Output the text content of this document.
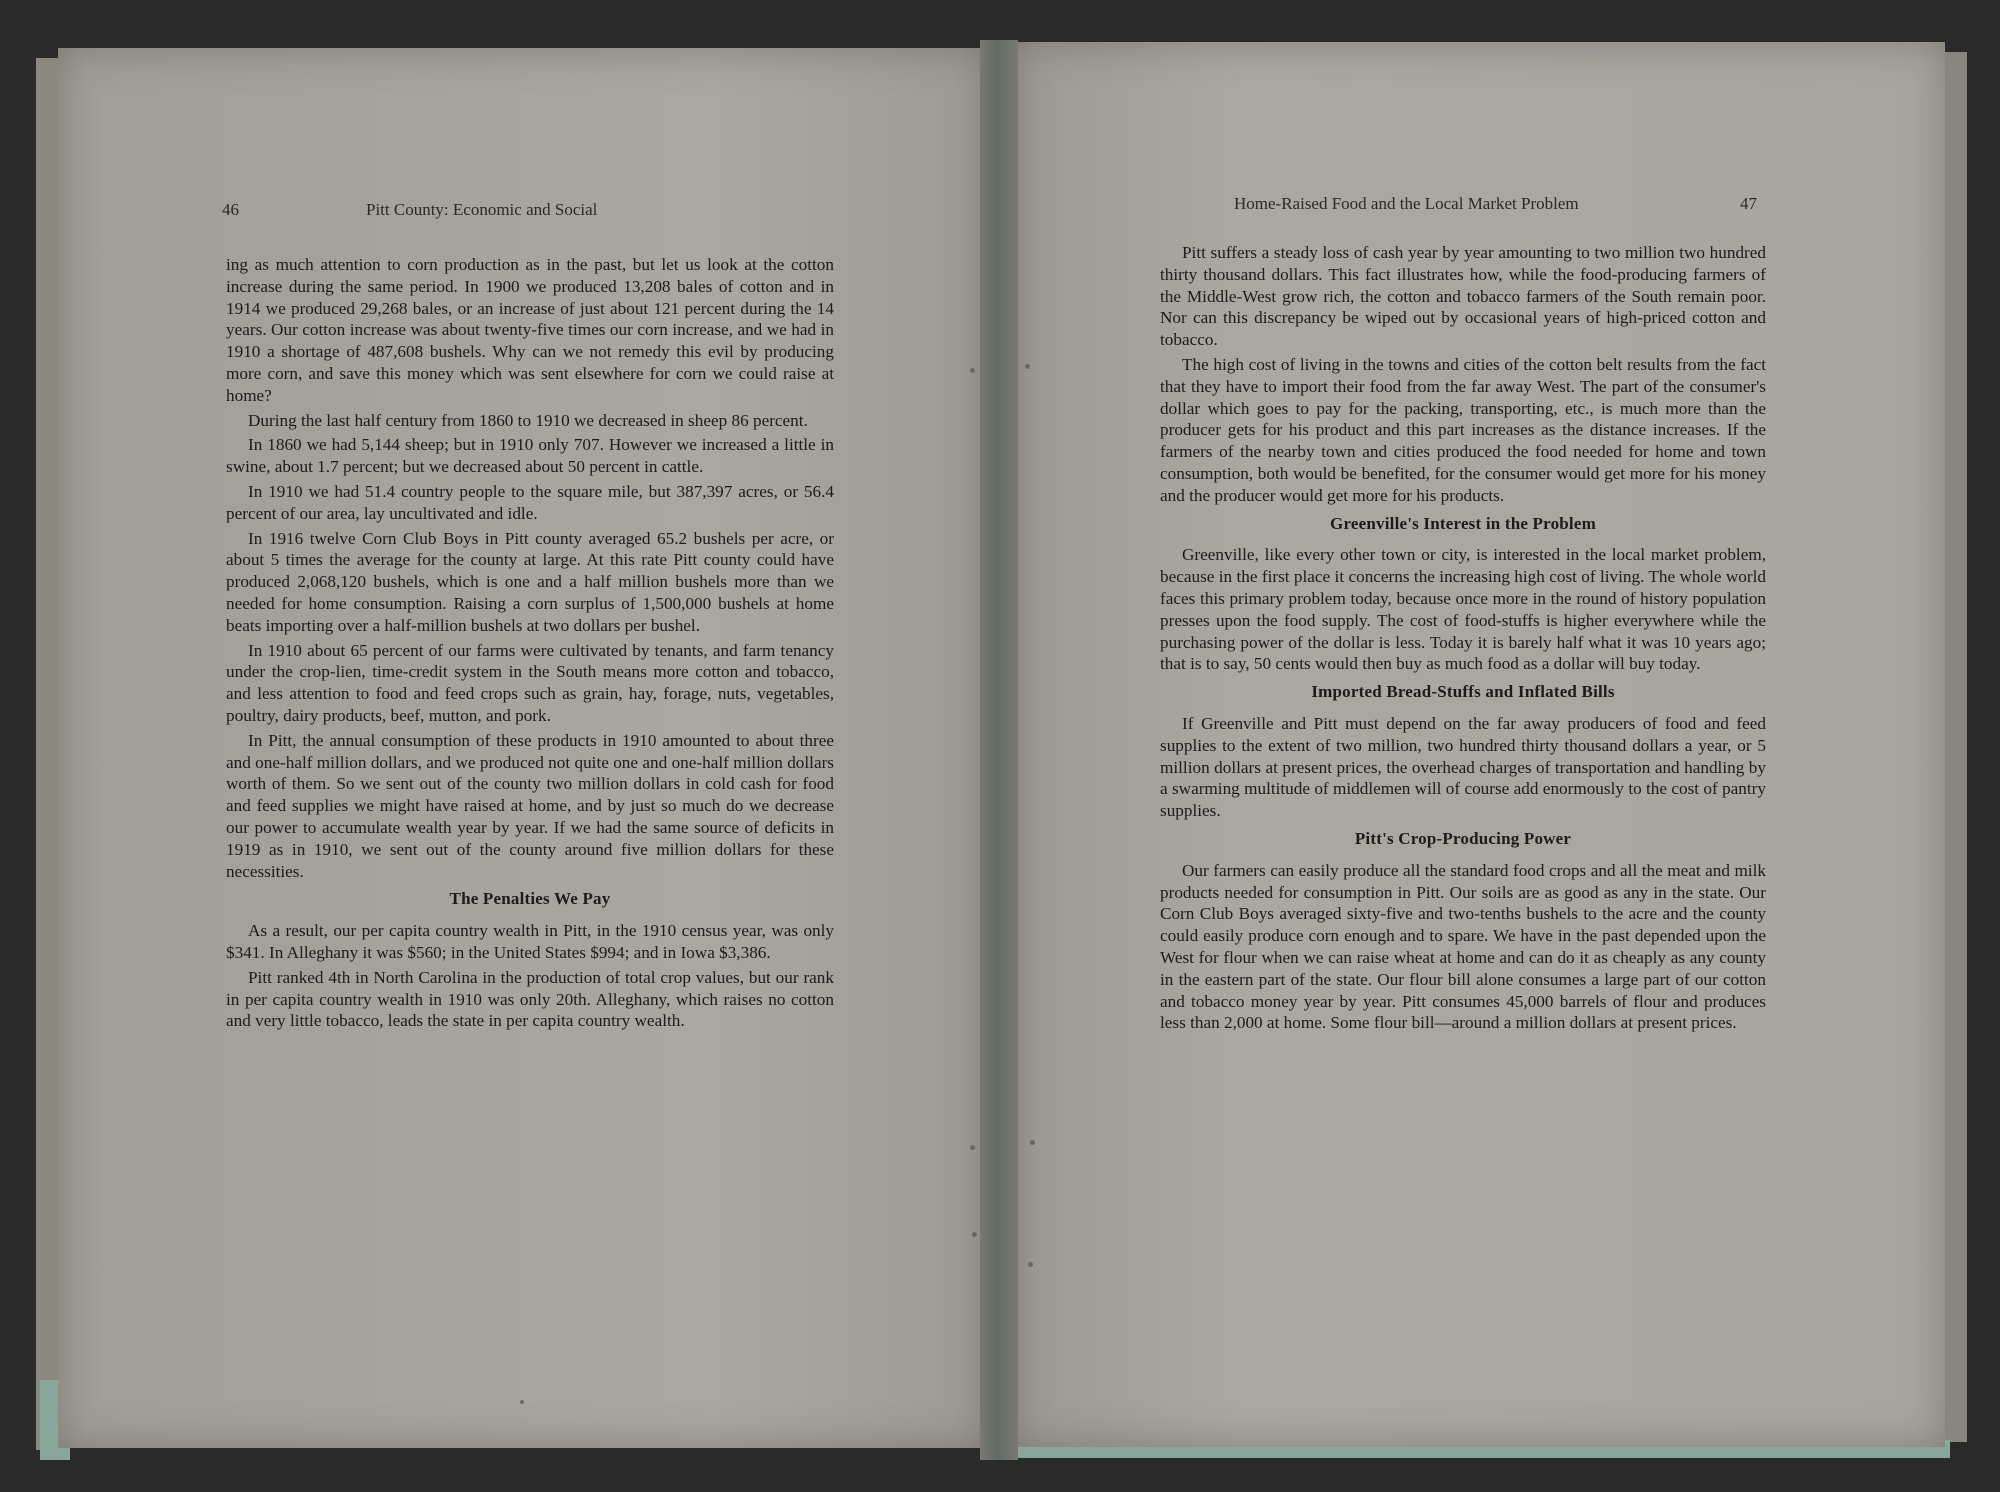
46	Pitt County: Economic and Social

ing as much attention to corn production as in the past, but let us look at the cotton increase during the same period. In 1900 we produced 13,208 bales of cotton and in 1914 we produced 29,268 bales, or an increase of just about 121 percent during the 14 years. Our cotton increase was about twenty-five times our corn increase, and we had in 1910 a shortage of 487,608 bushels. Why can we not remedy this evil by producing more corn, and save this money which was sent elsewhere for corn we could raise at home?

During the last half century from 1860 to 1910 we decreased in sheep 86 percent.

In 1860 we had 5,144 sheep; but in 1910 only 707. However we increased a little in swine, about 1.7 percent; but we decreased about 50 percent in cattle.

In 1910 we had 51.4 country people to the square mile, but 387,397 acres, or 56.4 percent of our area, lay uncultivated and idle.

In 1916 twelve Corn Club Boys in Pitt county averaged 65.2 bushels per acre, or about 5 times the average for the county at large. At this rate Pitt county could have produced 2,068,120 bushels, which is one and a half million bushels more than we needed for home consumption. Raising a corn surplus of 1,500,000 bushels at home beats importing over a half-million bushels at two dollars per bushel.

In 1910 about 65 percent of our farms were cultivated by tenants, and farm tenancy under the crop-lien, time-credit system in the South means more cotton and tobacco, and less attention to food and feed crops such as grain, hay, forage, nuts, vegetables, poultry, dairy products, beef, mutton, and pork.

In Pitt, the annual consumption of these products in 1910 amounted to about three and one-half million dollars, and we produced not quite one and one-half million dollars worth of them. So we sent out of the county two million dollars in cold cash for food and feed supplies we might have raised at home, and by just so much do we decrease our power to accumulate wealth year by year. If we had the same source of deficits in 1919 as in 1910, we sent out of the county around five million dollars for these necessities.

The Penalties We Pay

As a result, our per capita country wealth in Pitt, in the 1910 census year, was only $341. In Alleghany it was $560; in the United States $994; and in Iowa $3,386.

Pitt ranked 4th in North Carolina in the production of total crop values, but our rank in per capita country wealth in 1910 was only 20th. Alleghany, which raises no cotton and very little tobacco, leads the state in per capita country wealth.

Home-Raised Food and the Local Market Problem	47

Pitt suffers a steady loss of cash year by year amounting to two million two hundred thirty thousand dollars. This fact illustrates how, while the food-producing farmers of the Middle-West grow rich, the cotton and tobacco farmers of the South remain poor. Nor can this discrepancy be wiped out by occasional years of high-priced cotton and tobacco.

The high cost of living in the towns and cities of the cotton belt results from the fact that they have to import their food from the far away West. The part of the consumer's dollar which goes to pay for the packing, transporting, etc., is much more than the producer gets for his product and this part increases as the distance increases. If the farmers of the nearby town and cities produced the food needed for home and town consumption, both would be benefited, for the consumer would get more for his money and the producer would get more for his products.

Greenville's Interest in the Problem

Greenville, like every other town or city, is interested in the local market problem, because in the first place it concerns the increasing high cost of living. The whole world faces this primary problem today, because once more in the round of history population presses upon the food supply. The cost of food-stuffs is higher everywhere while the purchasing power of the dollar is less. Today it is barely half what it was 10 years ago; that is to say, 50 cents would then buy as much food as a dollar will buy today.

Imported Bread-Stuffs and Inflated Bills

If Greenville and Pitt must depend on the far away producers of food and feed supplies to the extent of two million, two hundred thirty thousand dollars a year, or 5 million dollars at present prices, the overhead charges of transportation and handling by a swarming multitude of middlemen will of course add enormously to the cost of pantry supplies.

Pitt's Crop-Producing Power

Our farmers can easily produce all the standard food crops and all the meat and milk products needed for consumption in Pitt. Our soils are as good as any in the state. Our Corn Club Boys averaged sixty-five and two-tenths bushels to the acre and the county could easily produce corn enough and to spare. We have in the past depended upon the West for flour when we can raise wheat at home and can do it as cheaply as any county in the eastern part of the state. Our flour bill alone consumes a large part of our cotton and tobacco money year by year. Pitt consumes 45,000 barrels of flour and produces less than 2,000 at home. Some flour bill—around a million dollars at present prices.
